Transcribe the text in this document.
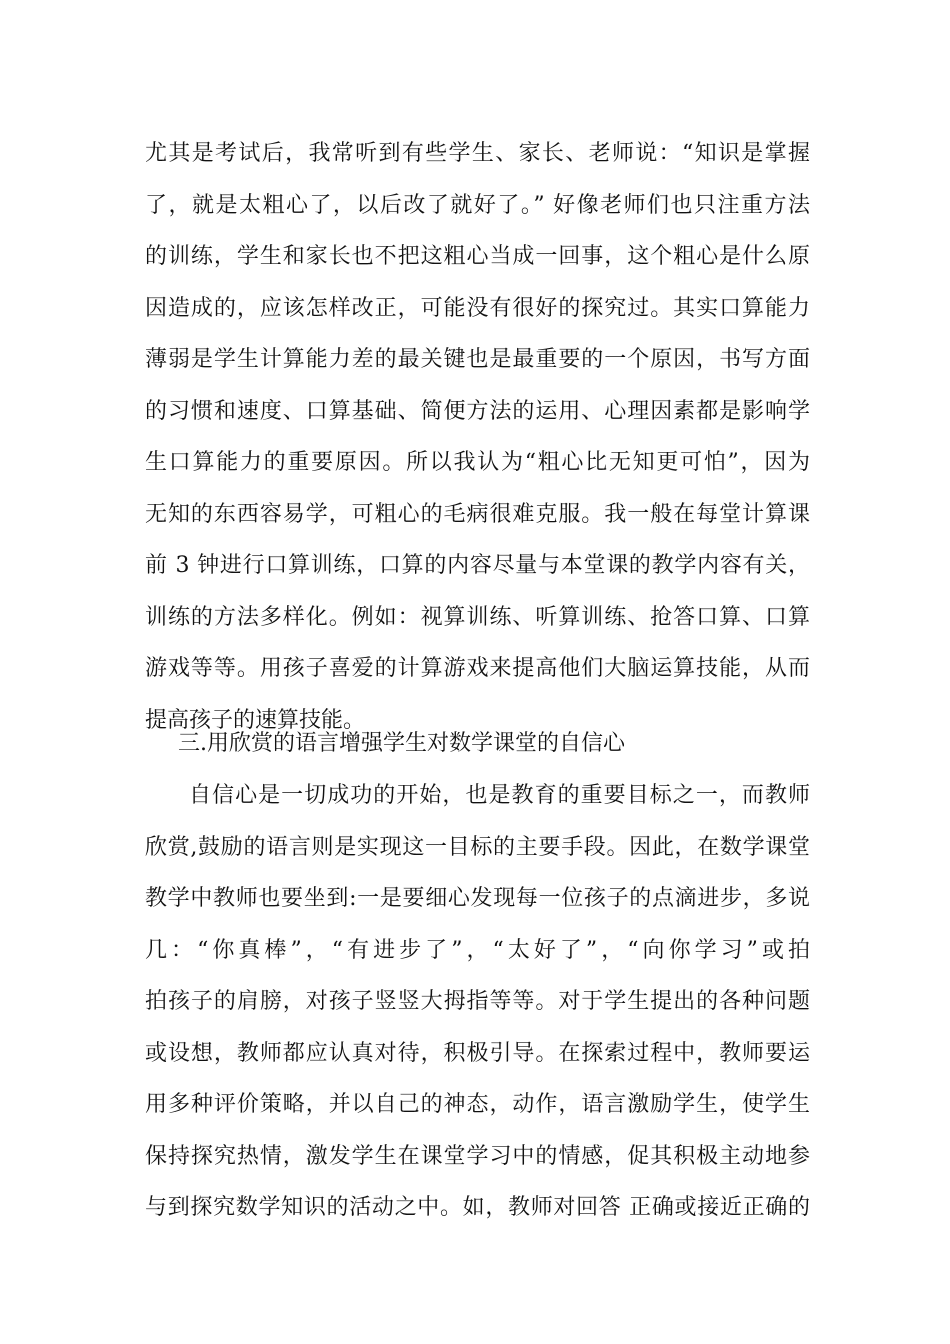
尤其是考试后，我常听到有些学生、家长、老师说：“知识是掌握
了，就是太粗心了，以后改了就好了。” 好像老师们也只注重方法
的训练，学生和家长也不把这粗心当成一回事，这个粗心是什么原
因造成的，应该怎样改正，可能没有很好的探究过。其实口算能力
薄弱是学生计算能力差的最关键也是最重要的一个原因，书写方面
的习惯和速度、口算基础、简便方法的运用、心理因素都是影响学
生口算能力的重要原因。所以我认为“粗心比无知更可怕”，因为
无知的东西容易学，可粗心的毛病很难克服。我一般在每堂计算课
前 3 钟进行口算训练，口算的内容尽量与本堂课的教学内容有关，
训练的方法多样化。例如：视算训练、听算训练、抢答口算、口算
游戏等等。用孩子喜爱的计算游戏来提高他们大脑运算技能，从而
提高孩子的速算技能。
三.用欣赏的语言增强学生对数学课堂的自信心
自信心是一切成功的开始，也是教育的重要目标之一，而教师
欣赏,鼓励的语言则是实现这一目标的主要手段。因此，在数学课堂
教学中教师也要坐到:一是要细心发现每一位孩子的点滴进步，多说
几：“你真棒”，“有进步了”，“太好了”，“向你学习”或拍
拍孩子的肩膀，对孩子竖竖大拇指等等。对于学生提出的各种问题
或设想，教师都应认真对待，积极引导。在探索过程中，教师要运
用多种评价策略，并以自己的神态，动作，语言激励学生，使学生
保持探究热情，激发学生在课堂学习中的情感，促其积极主动地参
与到探究数学知识的活动之中。如，教师对回答 正确或接近正确的
